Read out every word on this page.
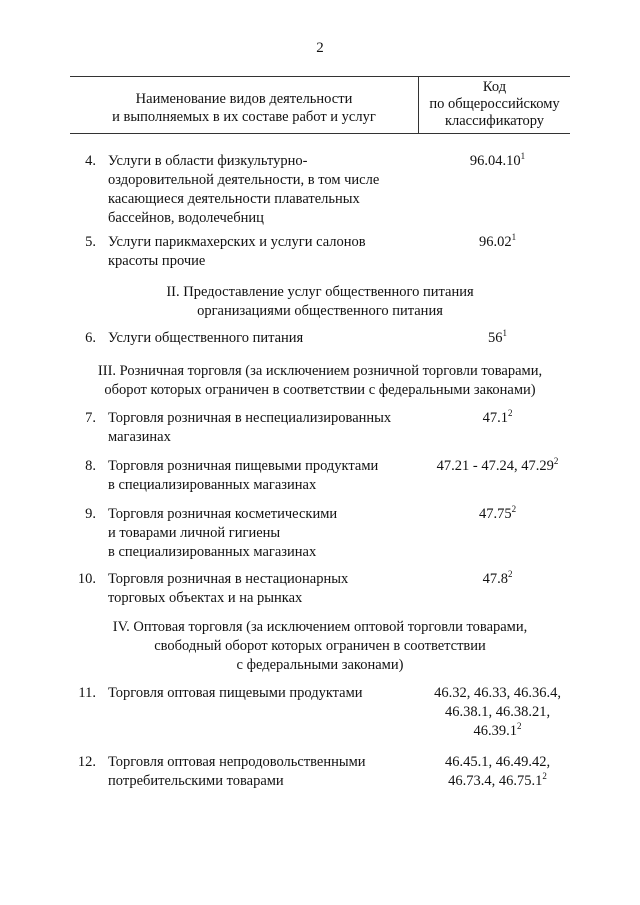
2
Наименование видов деятельности
и выполняемых в их составе работ и услуг
Код
по общероссийскому
классификатору
4. Услуги в области физкультурно-
оздоровительной деятельности, в том числе
касающиеся деятельности плавательных
бассейнов, водолечебниц
96.04.10$^1$
5. Услуги парикмахерских и услуги салонов
красоты прочие
96.02$^1$
II. Предоставление услуг общественного питания
организациями общественного питания
6. Услуги общественного питания	$56^1$
III. Розничная торговля (за исключением розничной торговли товарами,
оборот которых ограничен в соответствии с федеральными законами)
7. Торговля розничная в неспециализированных
магазинах
47.1$^2$
8. Торговля розничная пищевыми продуктами
в специализированных магазинах
47.21 - 47.24, 47.29$^2$
9. Торговля розничная косметическими
и товарами личной гигиены
в специализированных магазинах
47.75$^2$
10. Торговля розничная в нестационарных
торговых объектах и на рынках
47.8$^2$
IV. Оптовая торговля (за исключением оптовой торговли товарами,
свободный оборот которых ограничен в соответствии
с федеральными законами)
11. Торговля оптовая пищевыми продуктами	46.32, 46.33, 46.36.4,
46.38.1, 46.38.21,
46.39.1$^2$
12. Торговля оптовая непродовольственными
потребительскими товарами
46.45.1, 46.49.42,
46.73.4, 46.75.1$^2$
